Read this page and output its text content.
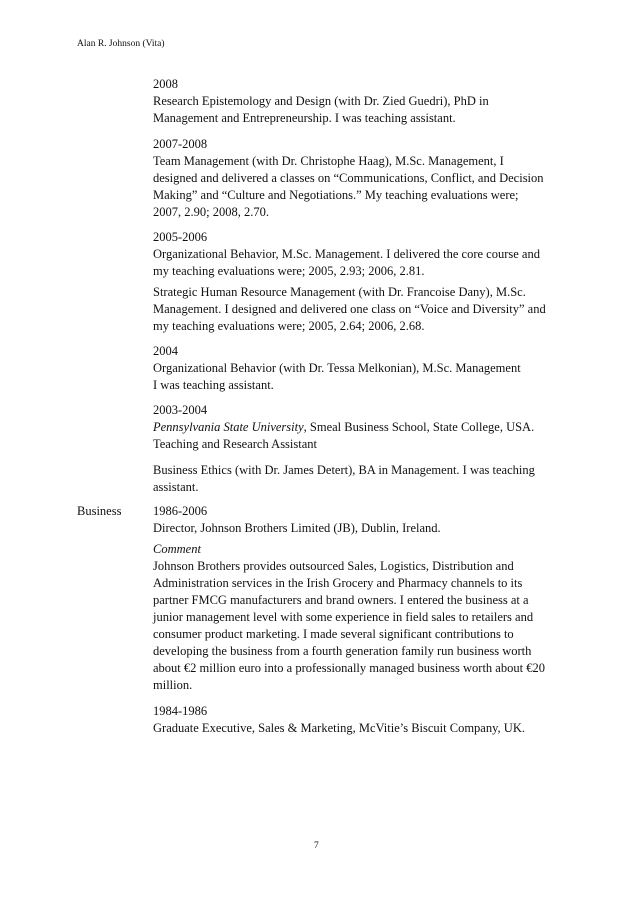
Alan R. Johnson (Vita)
2008
Research Epistemology and Design (with Dr. Zied Guedri), PhD in
Management and Entrepreneurship. I was teaching assistant.
2007-2008
Team Management (with Dr. Christophe Haag), M.Sc. Management, I
designed and delivered a classes on “Communications, Conflict, and Decision
Making” and “Culture and Negotiations.” My teaching evaluations were;
2007, 2.90; 2008, 2.70.
2005-2006
Organizational Behavior, M.Sc. Management. I delivered the core course and
my teaching evaluations were; 2005, 2.93; 2006, 2.81.
Strategic Human Resource Management (with Dr. Francoise Dany), M.Sc.
Management. I designed and delivered one class on “Voice and Diversity” and
my teaching evaluations were; 2005, 2.64; 2006, 2.68.
2004
Organizational Behavior (with Dr. Tessa Melkonian), M.Sc. Management
I was teaching assistant.
2003-2004
Pennsylvania State University, Smeal Business School, State College, USA.
Teaching and Research Assistant
Business Ethics (with Dr. James Detert), BA in Management. I was teaching
assistant.
Business	1986-2006
Director, Johnson Brothers Limited (JB), Dublin, Ireland.
Comment
Johnson Brothers provides outsourced Sales, Logistics, Distribution and
Administration services in the Irish Grocery and Pharmacy channels to its
partner FMCG manufacturers and brand owners. I entered the business at a
junior management level with some experience in field sales to retailers and
consumer product marketing. I made several significant contributions to
developing the business from a fourth generation family run business worth
about €2 million euro into a professionally managed business worth about €20
million.
1984-1986
Graduate Executive, Sales & Marketing, McVitie’s Biscuit Company, UK.
7
